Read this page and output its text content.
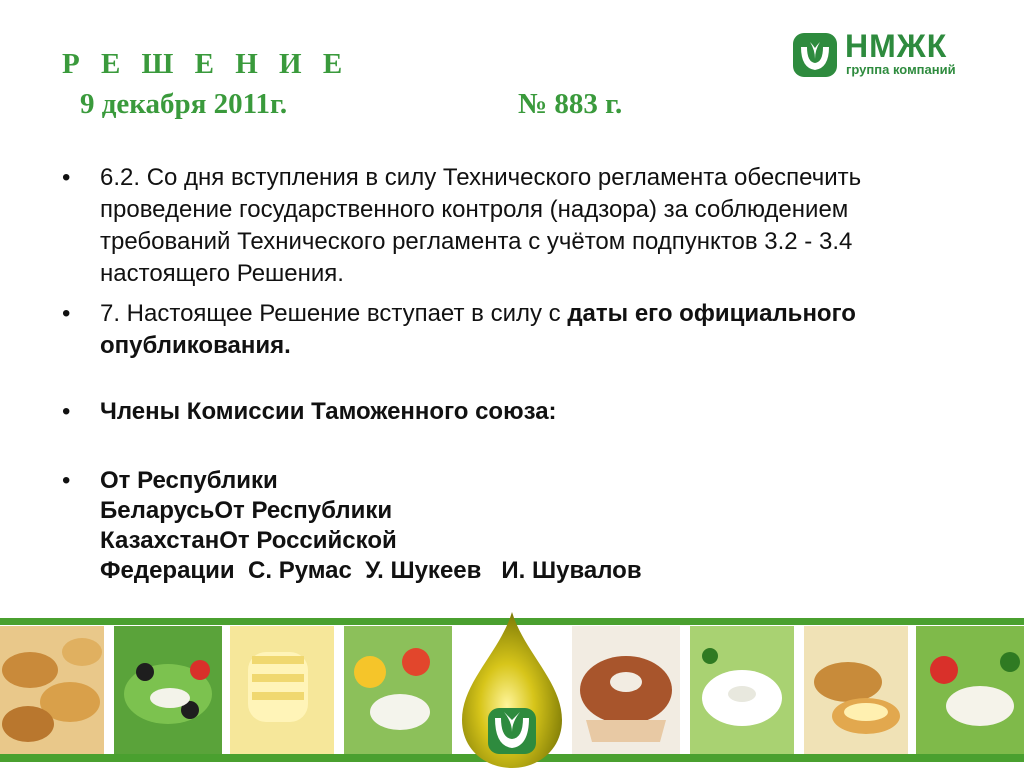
Р Е Ш Е Н И Е
9 декабря 2011г.	№ 883 г.
НМЖК
группа компаний
• 6.2. Со дня вступления в силу Технического регламента обеспечить проведение государственного контроля (надзора) за соблюдением требований Технического регламента с учётом подпунктов 3.2 - 3.4 настоящего Решения.
• 7. Настоящее Решение вступает в силу с даты его официального опубликования.
• Члены Комиссии Таможенного союза:
• От Республики
БеларусьОт Республики
КазахстанОт Российской
Федерации  С. Румас  У. Шукеев   И. Шувалов
